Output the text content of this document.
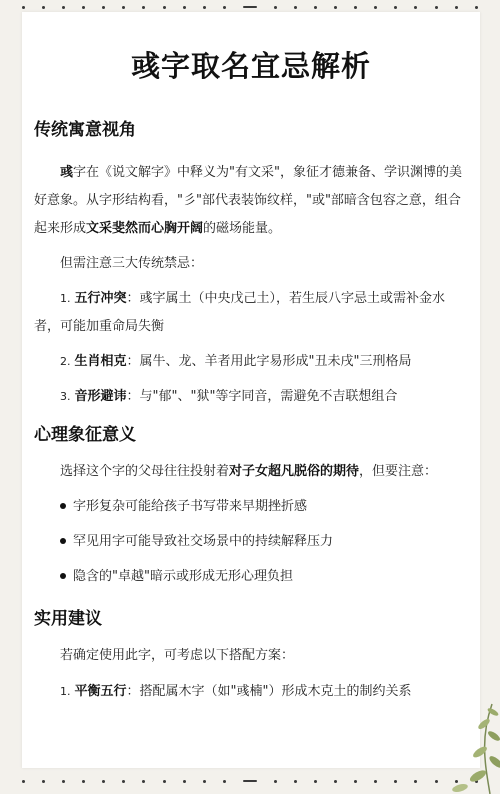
彧字取名宜忌解析
传统寓意视角

彧字在《说文解字》中释义为"有文采"，象征才德兼备、学识渊博的美好意象。从字形结构看，"彡"部代表装饰纹样，"或"部暗含包容之意，组合起来形成文采斐然而心胸开阔的磁场能量。

但需注意三大传统禁忌：

1. 五行冲突：彧字属土（中央戊己土），若生辰八字忌土或需补金水者，可能加重命局失衡
2. 生肖相克：属牛、龙、羊者用此字易形成"丑未戌"三刑格局
3. 音形避讳：与"郁"、"狱"等字同音，需避免不吉联想组合
心理象征意义

选择这个字的父母往往投射着对子女超凡脱俗的期待，但要注意：

字形复杂可能给孩子书写带来早期挫折感
罕见用字可能导致社交场景中的持续解释压力
隐含的"卓越"暗示或形成无形心理负担
实用建议

若确定使用此字，可考虑以下搭配方案：

1. 平衡五行：搭配属木字（如"彧楠"）形成木克土的制约关系
